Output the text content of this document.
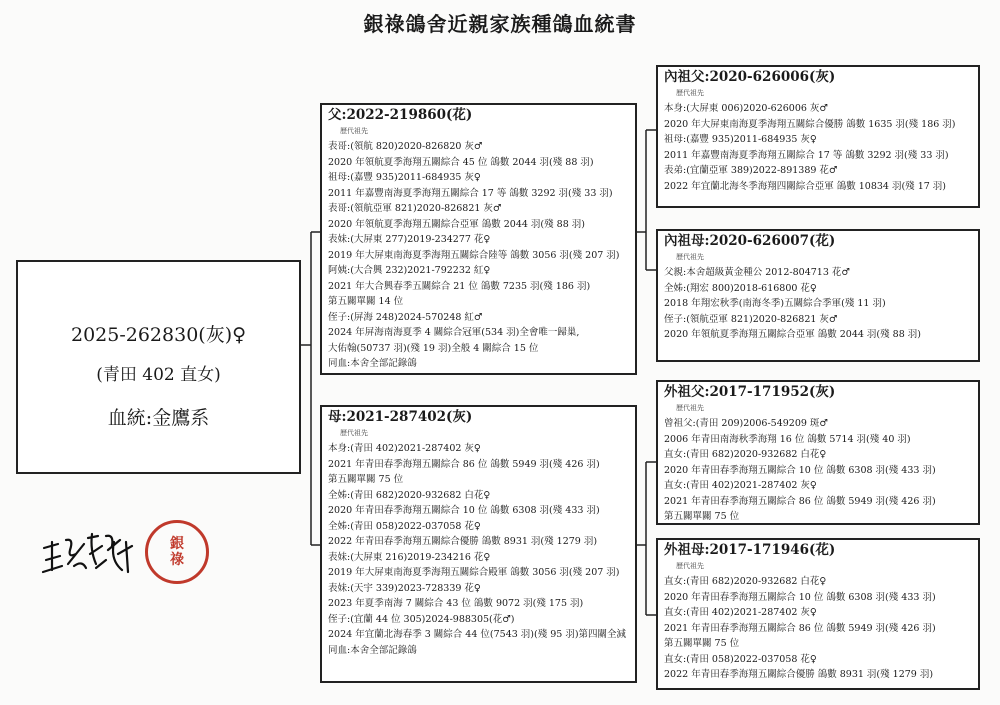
銀祿鴿舍近親家族種鴿血統書
2025-262830(灰)♀
(青田 402 直女)
血統:金鷹系
父:2022-219860(花)
歷代祖先
表哥:(領航 820)2020-826820 灰♂
2020 年領航夏季海翔五關綜合 45 位 鴿數 2044 羽(殘 88 羽)
祖母:(嘉豐 935)2011-684935 灰♀
2011 年嘉豐南海夏季海翔五關綜合 17 等 鴿數 3292 羽(殘 33 羽)
表哥:(領航亞軍 821)2020-826821 灰♂
2020 年領航夏季海翔五關綜合亞軍 鴿數 2044 羽(殘 88 羽)
表妹:(大屏東 277)2019-234277 花♀
2019 年大屏東南海夏季海翔五關綜合陸等 鴿數 3056 羽(殘 207 羽)
阿姨:(大合興 232)2021-792232 紅♀
2021 年大合興春季五關綜合 21 位 鴿數 7235 羽(殘 186 羽)
第五關單關 14 位
侄子:(屏海 248)2024-570248 紅♂
2024 年屏海南海夏季 4 關綜合冠軍(534 羽)全會唯一歸巢,
大佑翰(50737 羽)(殘 19 羽)全般 4 關綜合 15 位
同血:本舍全部記錄鴿
母:2021-287402(灰)
歷代祖先
本身:(青田 402)2021-287402 灰♀
2021 年青田春季海翔五關綜合 86 位 鴿數 5949 羽(殘 426 羽)
第五關單關 75 位
全姊:(青田 682)2020-932682 白花♀
2020 年青田春季海翔五關綜合 10 位 鴿數 6308 羽(殘 433 羽)
全姊:(青田 058)2022-037058 花♀
2022 年青田春季海翔五關綜合優勝 鴿數 8931 羽(殘 1279 羽)
表妹:(大屏東 216)2019-234216 花♀
2019 年大屏東南海夏季海翔五關綜合殿軍 鴿數 3056 羽(殘 207 羽)
表妹:(天宇 339)2023-728339 花♀
2023 年夏季南海 7 關綜合 43 位 鴿數 9072 羽(殘 175 羽)
侄子:(宜蘭 44 位 305)2024-988305(花♂)
2024 年宜蘭北海春季 3 關綜合 44 位(7543 羽)(殘 95 羽)第四關全減
同血:本舍全部記錄鴿
內祖父:2020-626006(灰)
歷代祖先
本身:(大屏東 006)2020-626006 灰♂
2020 年大屏東南海夏季海翔五關綜合優勝 鴿數 1635 羽(殘 186 羽)
祖母:(嘉豐 935)2011-684935 灰♀
2011 年嘉豐南海夏季海翔五關綜合 17 等 鴿數 3292 羽(殘 33 羽)
表弟:(宜蘭亞軍 389)2022-891389 花♂
2022 年宜蘭北海冬季海翔四關綜合亞軍 鴿數 10834 羽(殘 17 羽)
內祖母:2020-626007(花)
歷代祖先
父親:本舍超級黃金種公 2012-804713 花♂
全姊:(翔宏 800)2018-616800 花♀
2018 年翔宏秋季(南海冬季)五關綜合季軍(殘 11 羽)
侄子:(領航亞軍 821)2020-826821 灰♂
2020 年領航夏季海翔五關綜合亞軍 鴿數 2044 羽(殘 88 羽)
外祖父:2017-171952(灰)
歷代祖先
曾祖父:(青田 209)2006-549209 斑♂
2006 年青田南海秋季海翔 16 位 鴿數 5714 羽(殘 40 羽)
直女:(青田 682)2020-932682 白花♀
2020 年青田春季海翔五關綜合 10 位 鴿數 6308 羽(殘 433 羽)
直女:(青田 402)2021-287402 灰♀
2021 年青田春季海翔五關綜合 86 位 鴿數 5949 羽(殘 426 羽)
第五關單關 75 位
外祖母:2017-171946(花)
歷代祖先
直女:(青田 682)2020-932682 白花♀
2020 年青田春季海翔五關綜合 10 位 鴿數 6308 羽(殘 433 羽)
直女:(青田 402)2021-287402 灰♀
2021 年青田春季海翔五關綜合 86 位 鴿數 5949 羽(殘 426 羽)
第五關單關 75 位
直女:(青田 058)2022-037058 花♀
2022 年青田春季海翔五關綜合優勝 鴿數 8931 羽(殘 1279 羽)
銀
祿
